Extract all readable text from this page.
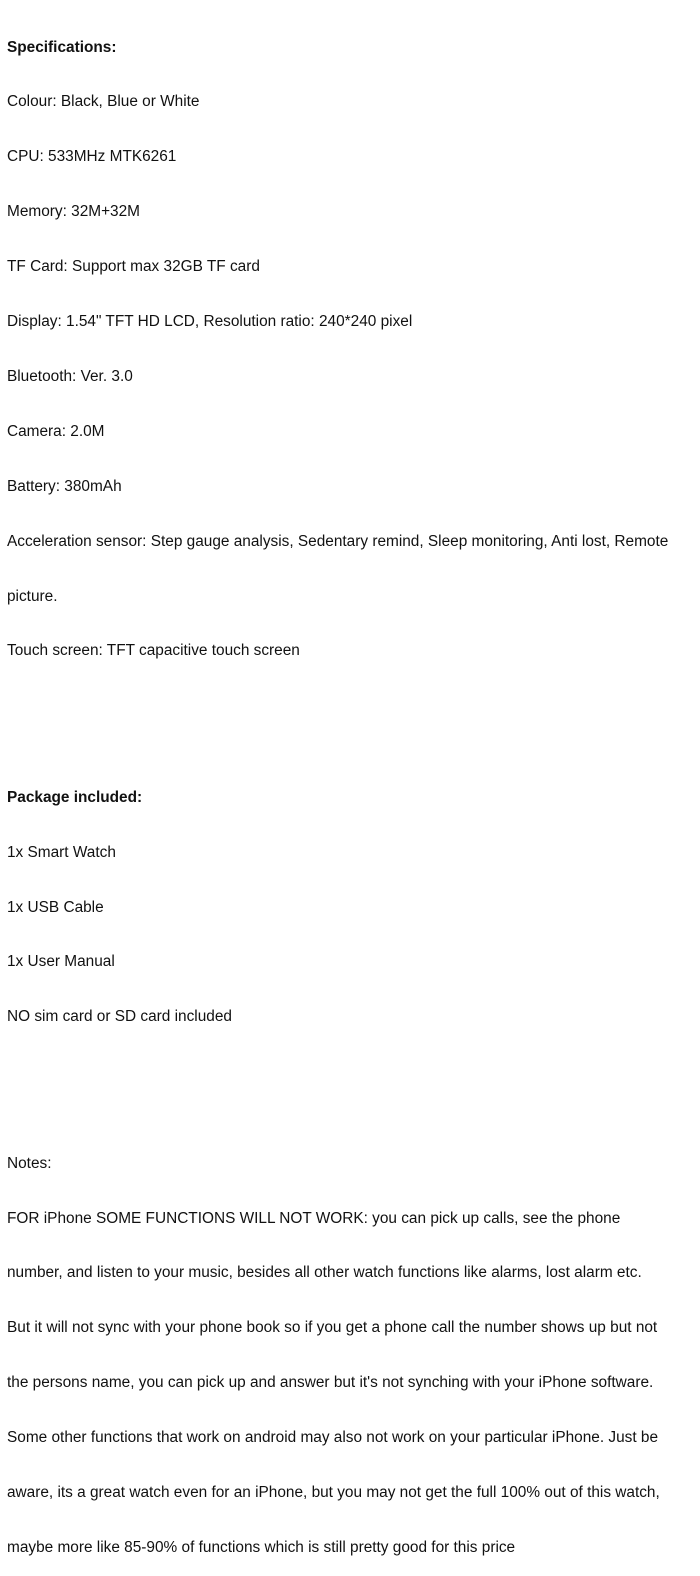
Specifications:

Colour: Black, Blue or White

CPU: 533MHz MTK6261

Memory: 32M+32M

TF Card: Support max 32GB TF card

Display: 1.54" TFT HD LCD, Resolution ratio: 240*240 pixel

Bluetooth: Ver. 3.0

Camera: 2.0M

Battery: 380mAh

Acceleration sensor: Step gauge analysis, Sedentary remind, Sleep monitoring, Anti lost, Remote

picture.

Touch screen: TFT capacitive touch screen

Package included:

1x Smart Watch

1x USB Cable

1x User Manual

NO sim card or SD card included

Notes:

FOR iPhone SOME FUNCTIONS WILL NOT WORK: you can pick up calls, see the phone

number, and listen to your music, besides all other watch functions like alarms, lost alarm etc.

But it will not sync with your phone book so if you get a phone call the number shows up but not

the persons name, you can pick up and answer but it's not synching with your iPhone software.

Some other functions that work on android may also not work on your particular iPhone. Just be

aware, its a great watch even for an iPhone, but you may not get the full 100% out of this watch,

maybe more like 85-90% of functions which is still pretty good for this price
